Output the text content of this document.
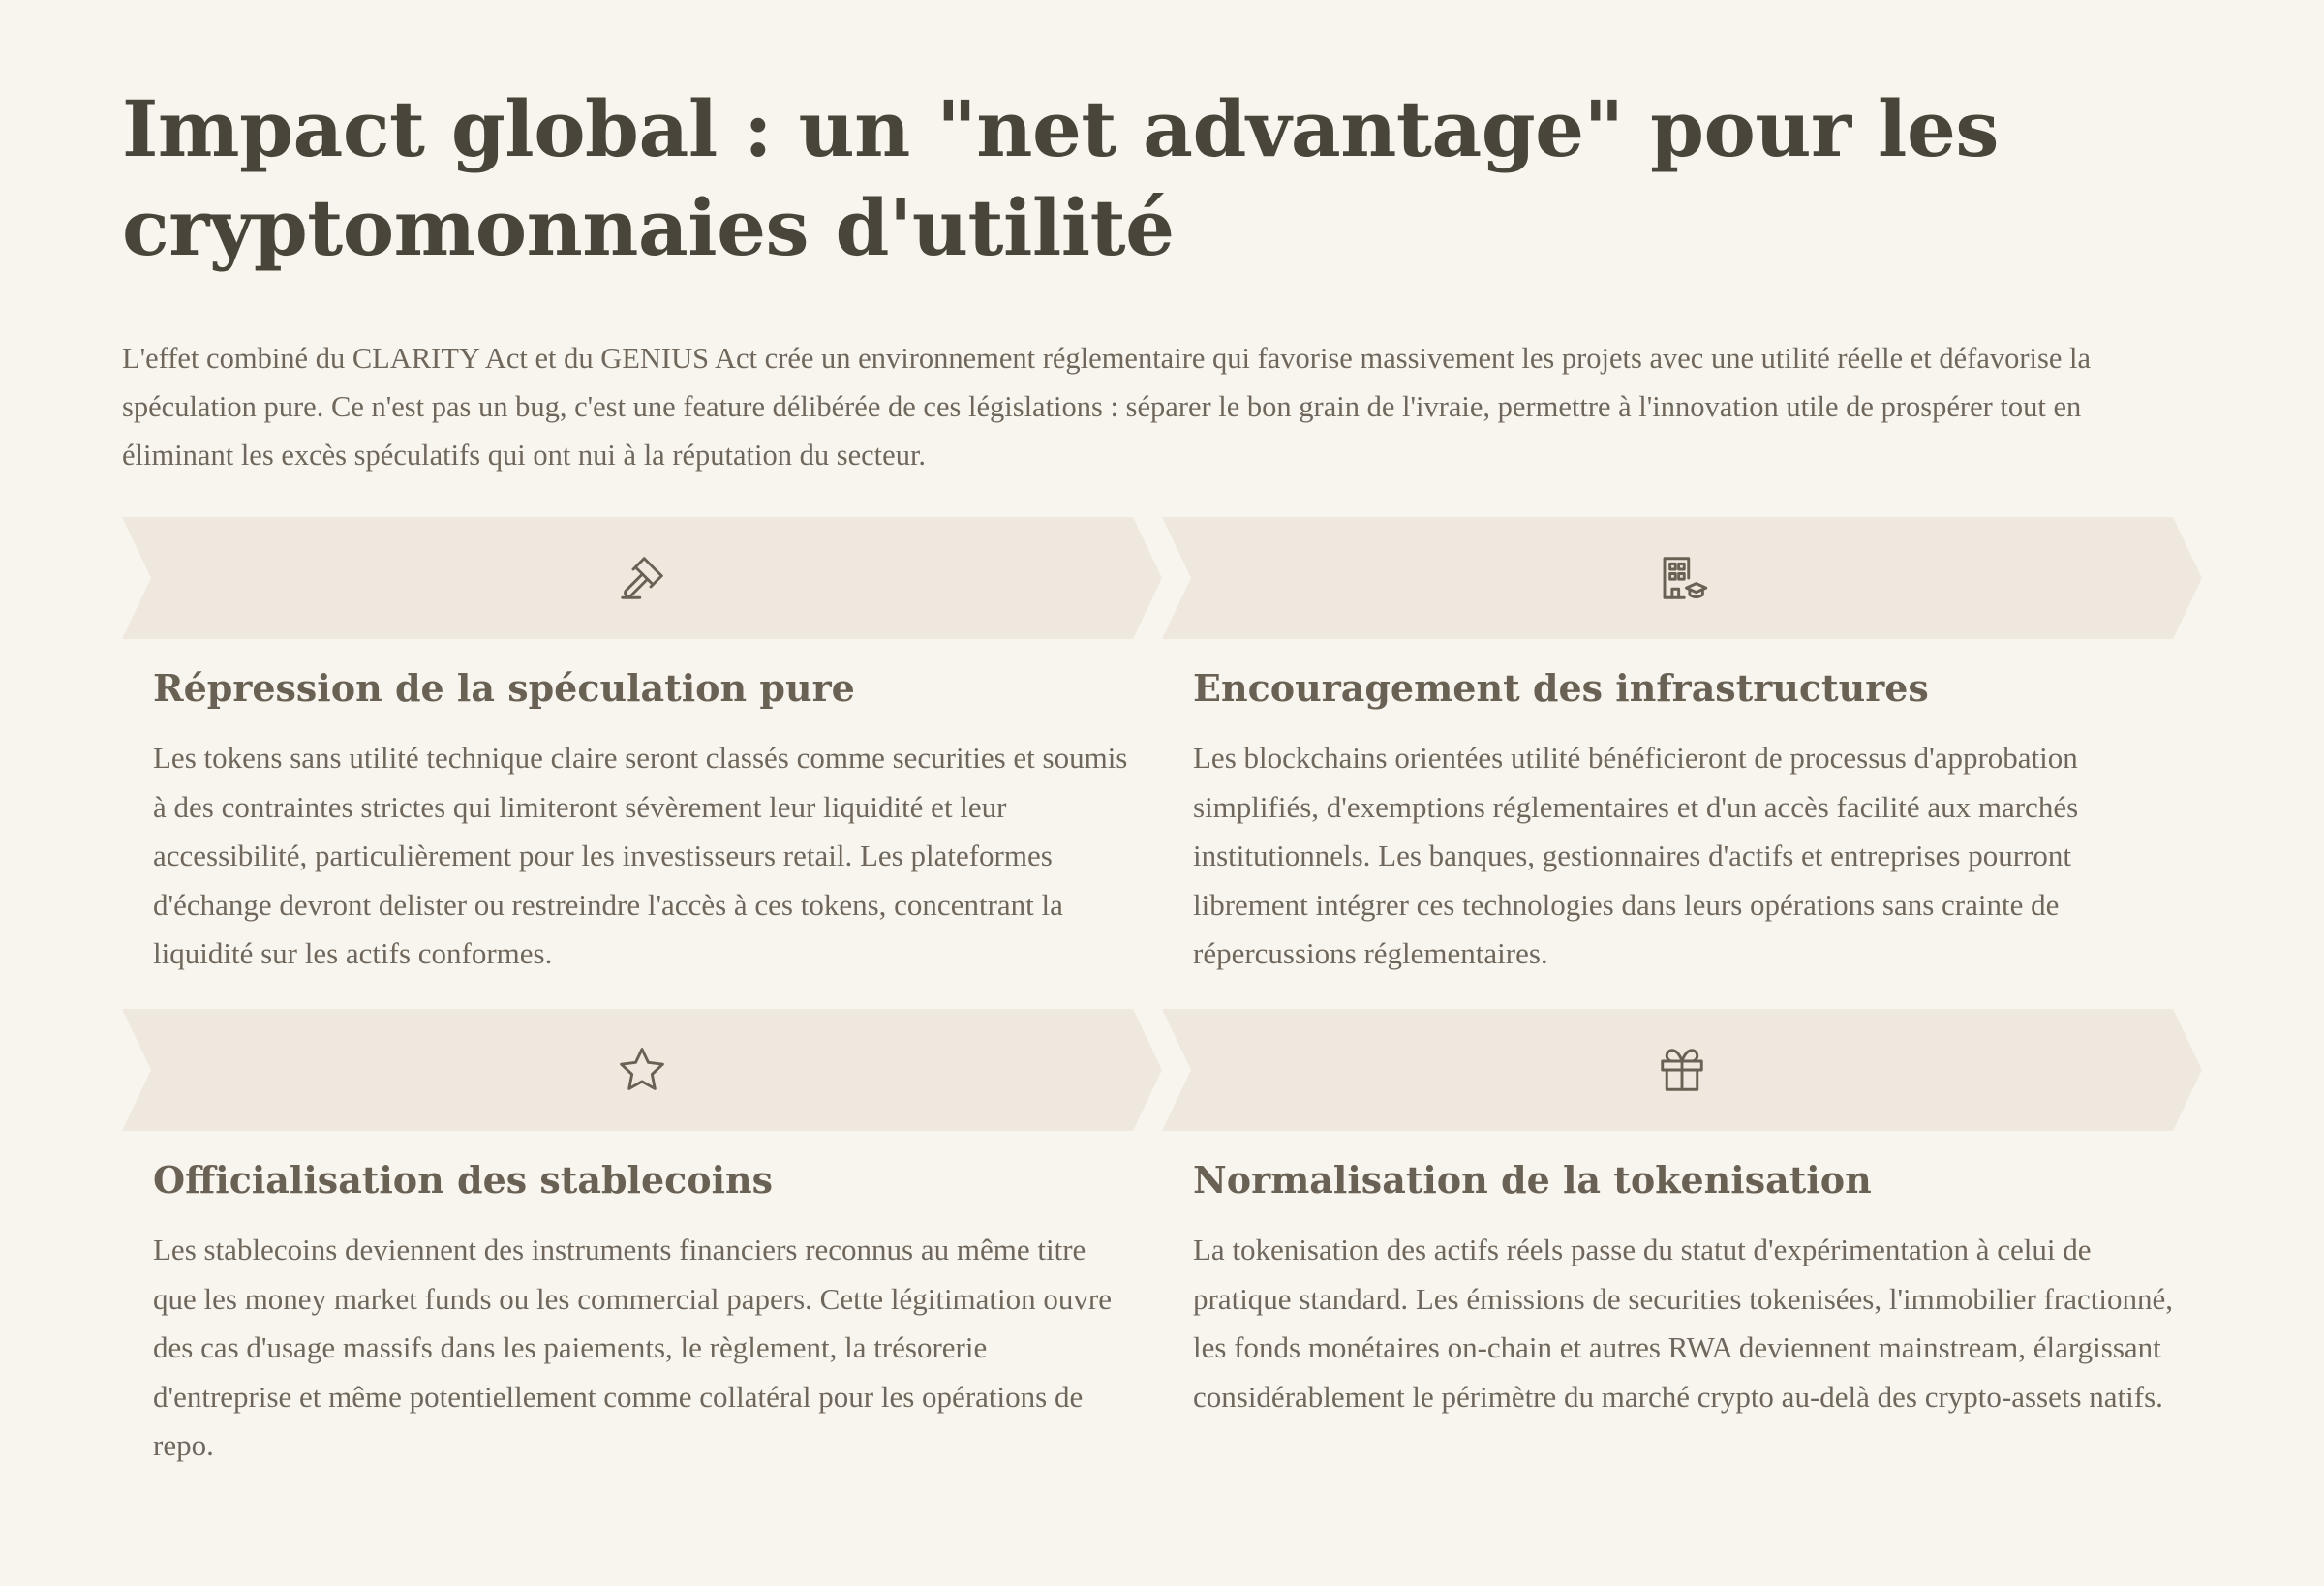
Impact global : un "net advantage" pour les cryptomonnaies d'utilité

L'effet combiné du CLARITY Act et du GENIUS Act crée un environnement réglementaire qui favorise massivement les projets avec une utilité réelle et défavorise la spéculation pure. Ce n'est pas un bug, c'est une feature délibérée de ces législations : séparer le bon grain de l'ivraie, permettre à l'innovation utile de prospérer tout en éliminant les excès spéculatifs qui ont nui à la réputation du secteur.

Répression de la spéculation pure

Les tokens sans utilité technique claire seront classés comme securities et soumis à des contraintes strictes qui limiteront sévèrement leur liquidité et leur accessibilité, particulièrement pour les investisseurs retail. Les plateformes d'échange devront delister ou restreindre l'accès à ces tokens, concentrant la liquidité sur les actifs conformes.

Encouragement des infrastructures

Les blockchains orientées utilité bénéficieront de processus d'approbation simplifiés, d'exemptions réglementaires et d'un accès facilité aux marchés institutionnels. Les banques, gestionnaires d'actifs et entreprises pourront librement intégrer ces technologies dans leurs opérations sans crainte de répercussions réglementaires.

Officialisation des stablecoins

Les stablecoins deviennent des instruments financiers reconnus au même titre que les money market funds ou les commercial papers. Cette légitimation ouvre des cas d'usage massifs dans les paiements, le règlement, la trésorerie d'entreprise et même potentiellement comme collatéral pour les opérations de repo.

Normalisation de la tokenisation

La tokenisation des actifs réels passe du statut d'expérimentation à celui de pratique standard. Les émissions de securities tokenisées, l'immobilier fractionné, les fonds monétaires on-chain et autres RWA deviennent mainstream, élargissant considérablement le périmètre du marché crypto au-delà des crypto-assets natifs.
